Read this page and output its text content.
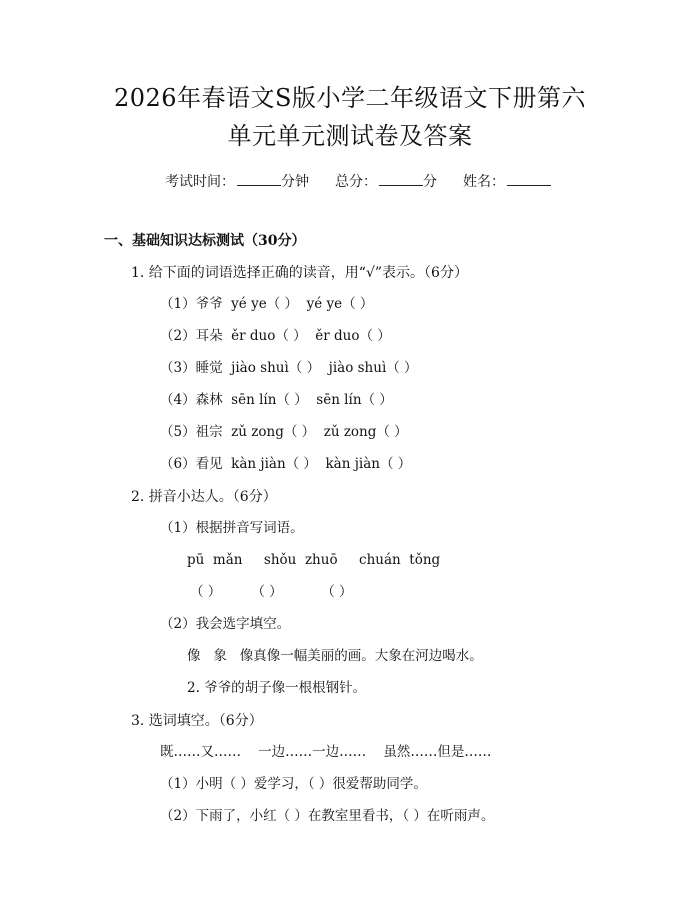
2026年春语文S版小学二年级语文下册第六
单元单元测试卷及答案
考试时间：	分钟 总分：	分 姓名：
一、基础知识达标测试（30分）
1. 给下面的词语选择正确的读音，用“√”表示。（6分）
（1）爷爷  yé ye（ ）  yé ye（ ）
（2）耳朵  ěr duo（ ）  ěr duo（ ）
（3）睡觉  jiào shuì（ ）  jiào shuì（ ）
（4）森林  sēn lín（ ）  sēn lín（ ）
（5）祖宗  zǔ zong（ ）  zǔ zong（ ）
（6）看见  kàn jiàn（ ）  kàn jiàn（ ）
2. 拼音小达人。（6分）
（1）根据拼音写词语。
pū  mǎn     shǒu  zhuō     chuán  tǒng
（ ）       （ ）         （ ）
（2）我会选字填空。
像   象   像真像一幅美丽的画。大象在河边喝水。
2. 爷爷的胡子像一根根钢针。
3. 选词填空。（6分）
既……又……    一边……一边……    虽然……但是……
（1）小明（ ）爱学习，（ ）很爱帮助同学。
（2）下雨了，小红（ ）在教室里看书，（ ）在听雨声。
